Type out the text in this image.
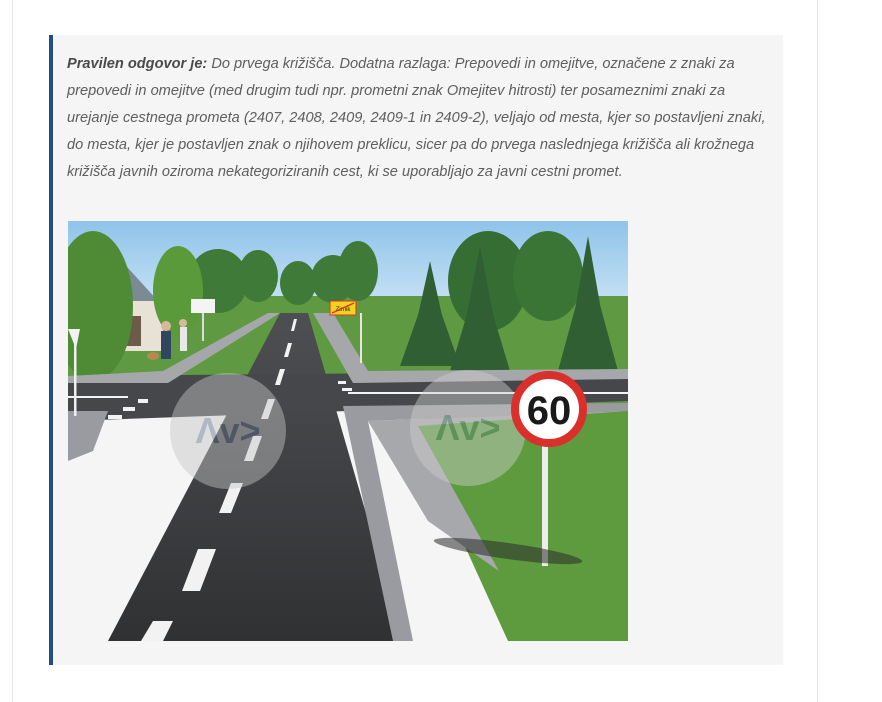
Pravilen odgovor je: Do prvega križišča. Dodatna razlaga: Prepovedi in omejitve, označene z znaki za prepovedi in omejitve (med drugim tudi npr. prometni znak Omejitev hitrosti) ter posameznimi znaki za urejanje cestnega prometa (2407, 2408, 2409, 2409-1 in 2409-2), veljajo od mesta, kjer so postavljeni znaki, do mesta, kjer je postavljen znak o njihovem preklicu, sicer pa do prvega naslednjega križišča ali krožnega križišča javnih oziroma nekategoriziranih cest, ki se uporabljajo za javni cestni promet.

Zirnik
Λᴠ>	Λᴠ> 60
